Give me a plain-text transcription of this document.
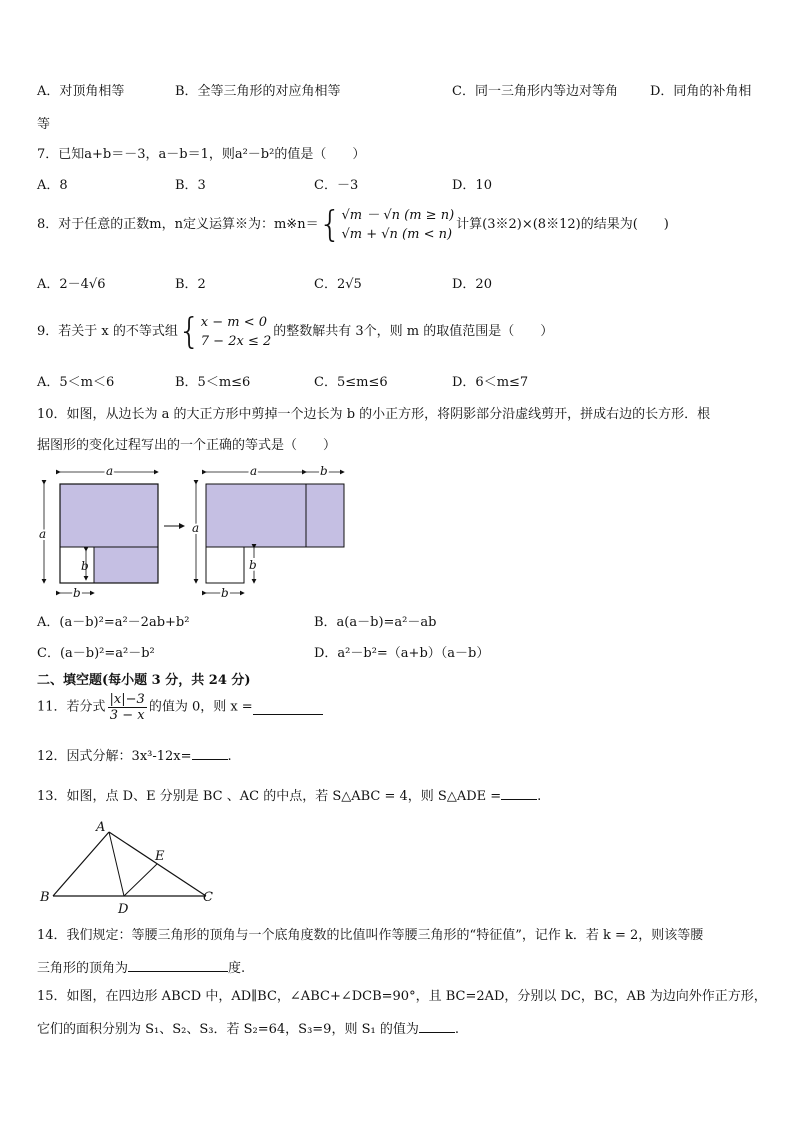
A．对顶角相等	B．全等三角形的对应角相等	C．同一三角形内等边对等角 D．同角的补角相
等
7．已知a+b＝－3，a－b＝1，则a²－b²的值是（　　）
A．8	B．3	C．－3	D．10
8．对于任意的正数m，n定义运算※为：m※n＝{ √m － √n (m ≥ n)
√m + √n (m < n)
计算(3※2)×(8※12)的结果为(　　)
A．2－4√6	B．2	C．2√5	D．20
9．若关于 x 的不等式组{ x − m < 0
7 − 2x ≤ 2
的整数解共有 3个，则 m 的取值范围是（　　）
A．5＜m＜6	B．5＜m≤6	C．5≤m≤6	D．6＜m≤7
10．如图，从边长为 a 的大正方形中剪掉一个边长为 b 的小正方形，将阴影部分沿虚线剪开，拼成右边的长方形．根
据图形的变化过程写出的一个正确的等式是（　　）
a
a
b
b
a	b
a
b
b
A．(a－b)²=a²－2ab+b²	B．a(a－b)=a²－ab
C．(a－b)²=a²－b²	D．a²－b²=（a+b）（a－b）
二、填空题(每小题 3 分，共 24 分)
11．若分式 $\frac{|x|-3}{3 - x}$ 的值为 0，则 x =
12．因式分解：3x³-12x=	.
13．如图，点 D、E 分别是 BC 、AC 的中点，若 S△ABC = 4，则 S△ADE =	.
A
B	C
D
E
14．我们规定：等腰三角形的顶角与一个底角度数的比值叫作等腰三角形的“特征值”，记作 k．若 k = 2，则该等腰
三角形的顶角为	度.
15．如图，在四边形 ABCD 中，AD∥BC，∠ABC+∠DCB=90°，且 BC=2AD，分别以 DC，BC，AB 为边向外作正方形，
它们的面积分别为 S₁、S₂、S₃．若 S₂=64，S₃=9，则 S₁ 的值为	.
